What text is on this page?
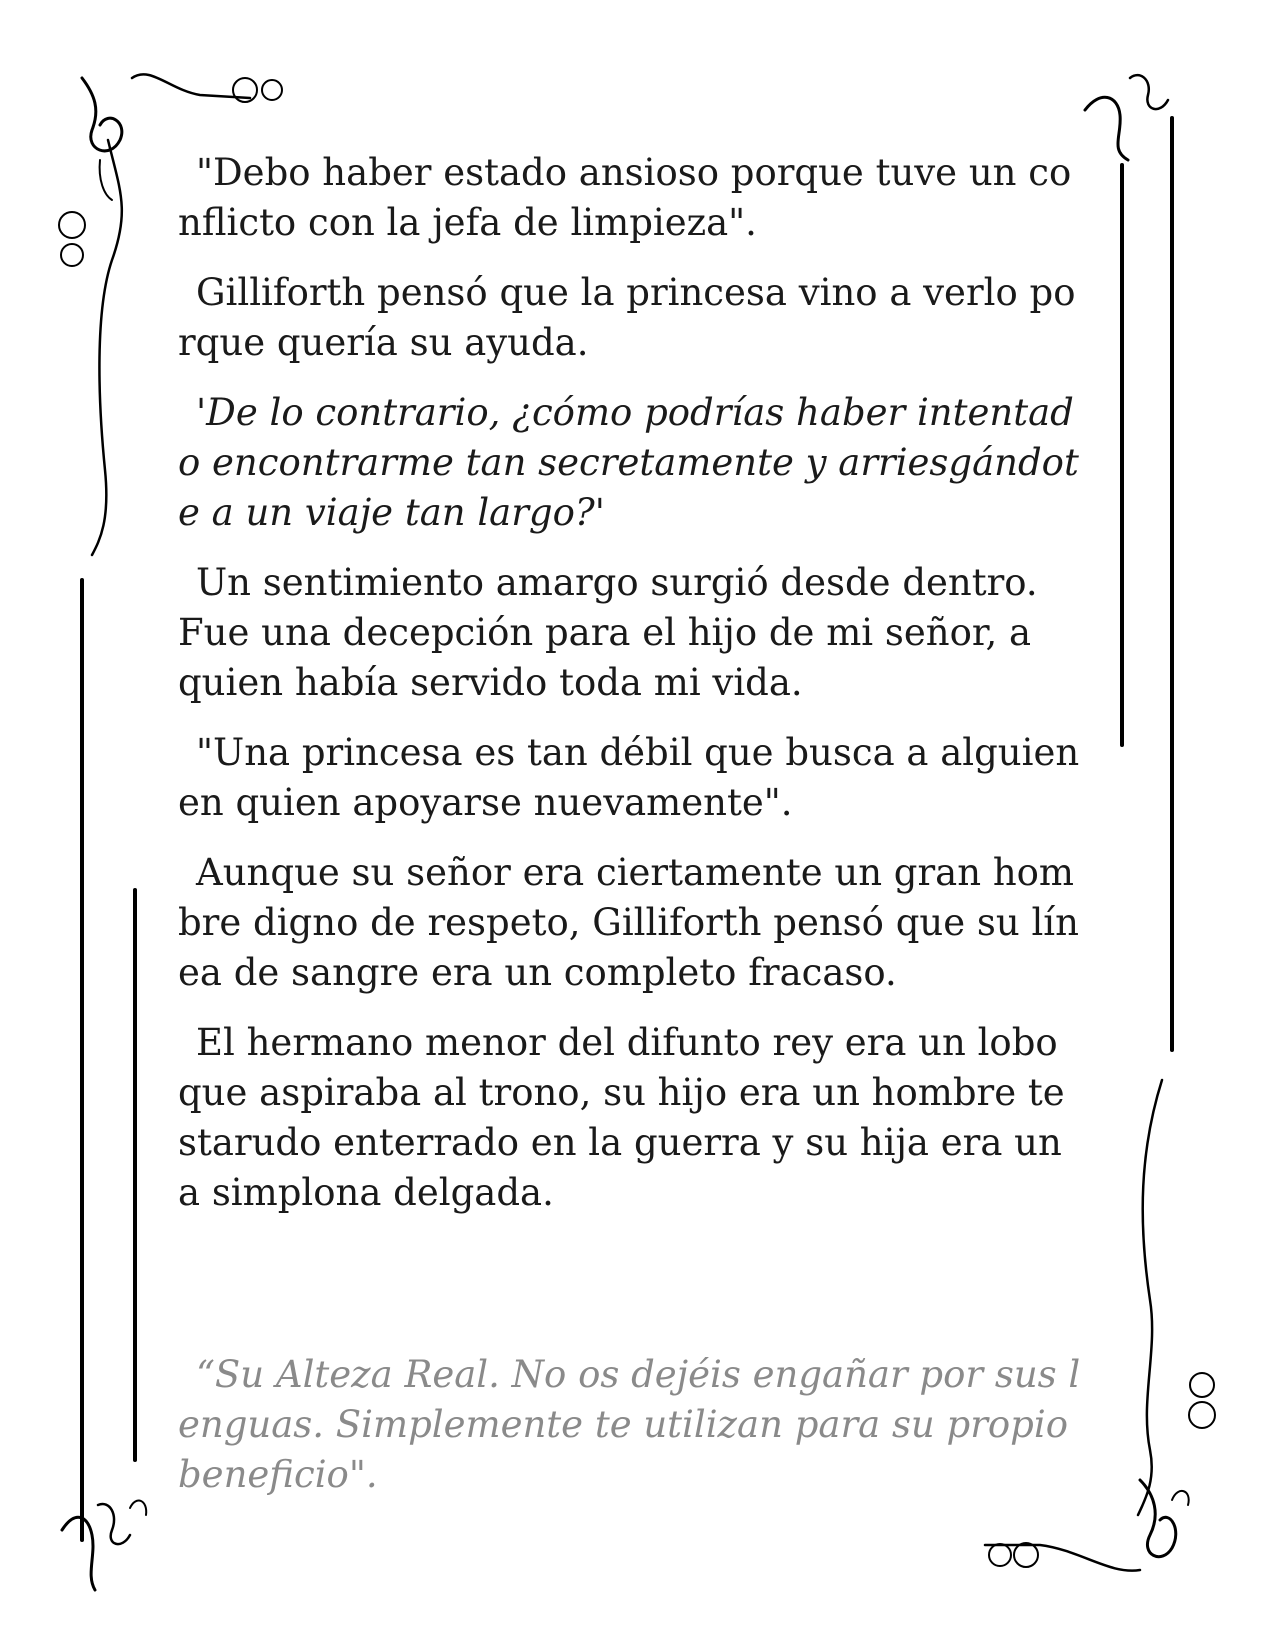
"Debo haber estado ansioso porque tuve un co
nflicto con la jefa de limpieza".

Gilliforth pensó que la princesa vino a verlo po
rque quería su ayuda.

'De lo contrario, ¿cómo podrías haber intentad
o encontrarme tan secretamente y arriesgándot
e a un viaje tan largo?'

Un sentimiento amargo surgió desde dentro.
Fue una decepción para el hijo de mi señor, a
quien había servido toda mi vida.

"Una princesa es tan débil que busca a alguien
en quien apoyarse nuevamente".

Aunque su señor era ciertamente un gran hom
bre digno de respeto, Gilliforth pensó que su lín
ea de sangre era un completo fracaso.

El hermano menor del difunto rey era un lobo
que aspiraba al trono, su hijo era un hombre te
starudo enterrado en la guerra y su hija era un
a simplona delgada.

“Su Alteza Real. No os dejéis engañar por sus l
enguas. Simplemente te utilizan para su propio
beneficio".
